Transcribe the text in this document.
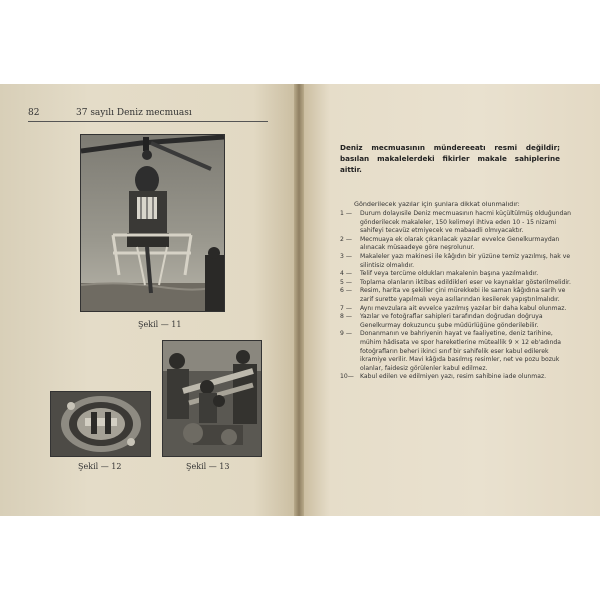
82	37 sayılı Deniz mecmuası
Şekil — 11
Şekil — 12	Şekil — 13
Deniz mecmuasının mündereeatı resmi değildir; basılan makalelerdeki fikirler makale sahiplerine aittir.
Gönderilecek yazılar için şunlara dikkat olunmalıdır:
1 —	Durum dolayısile Deniz mecmuasının hacmi küçültülmüş olduğundan gönderilecek makaleler, 150 kelimeyi ihtiva eden 10 - 15 nizami sahifeyi tecavüz etmiyecek ve mabaadli olmıyacaktır.
2 —	Mecmuaya ek olarak çıkarılacak yazılar evvelce Genelkurmaydan alınacak müsaadeye göre neşrolunur.
3 —	Makaleler yazı makinesi ile kâğıdın bir yüzüne temiz yazılmış, hak ve silintisiz olmalıdır.
4 —	Telif veya tercüme oldukları makalenin başına yazılmalıdır.
5 —	Toplama olanların iktibas edildikleri eser ve kaynaklar gösterilmelidir.
6 —	Resim, harita ve şekiller çini mürekkebi ile saman kâğıdına sarih ve zarif surette yapılmalı veya asıllarından kesilerek yapıştırılmalıdır.
7 —	Aynı mevzulara ait evvelce yazılmış yazılar bir daha kabul olunmaz.
8 —	Yazılar ve fotoğraflar sahipleri tarafından doğrudan doğruya Genelkurmay dokuzuncu şube müdürlüğüne gönderilebilir.
9 —	Donanmanın ve bahriyenin hayat ve faaliyetine, deniz tarihine, mühim hâdisata ve spor hareketlerine müteallik 9 × 12 eb'adında fotoğrafların beheri ikinci sınıf bir sahifelik eser kabul edilerek ikramiye verilir. Mavi kâğıda basılmış resimler, net ve pozu bozuk olanlar, faidesiz görülenler kabul edilmez.
10—	Kabul edilen ve edilmiyen yazı, resim sahibine iade olunmaz.
